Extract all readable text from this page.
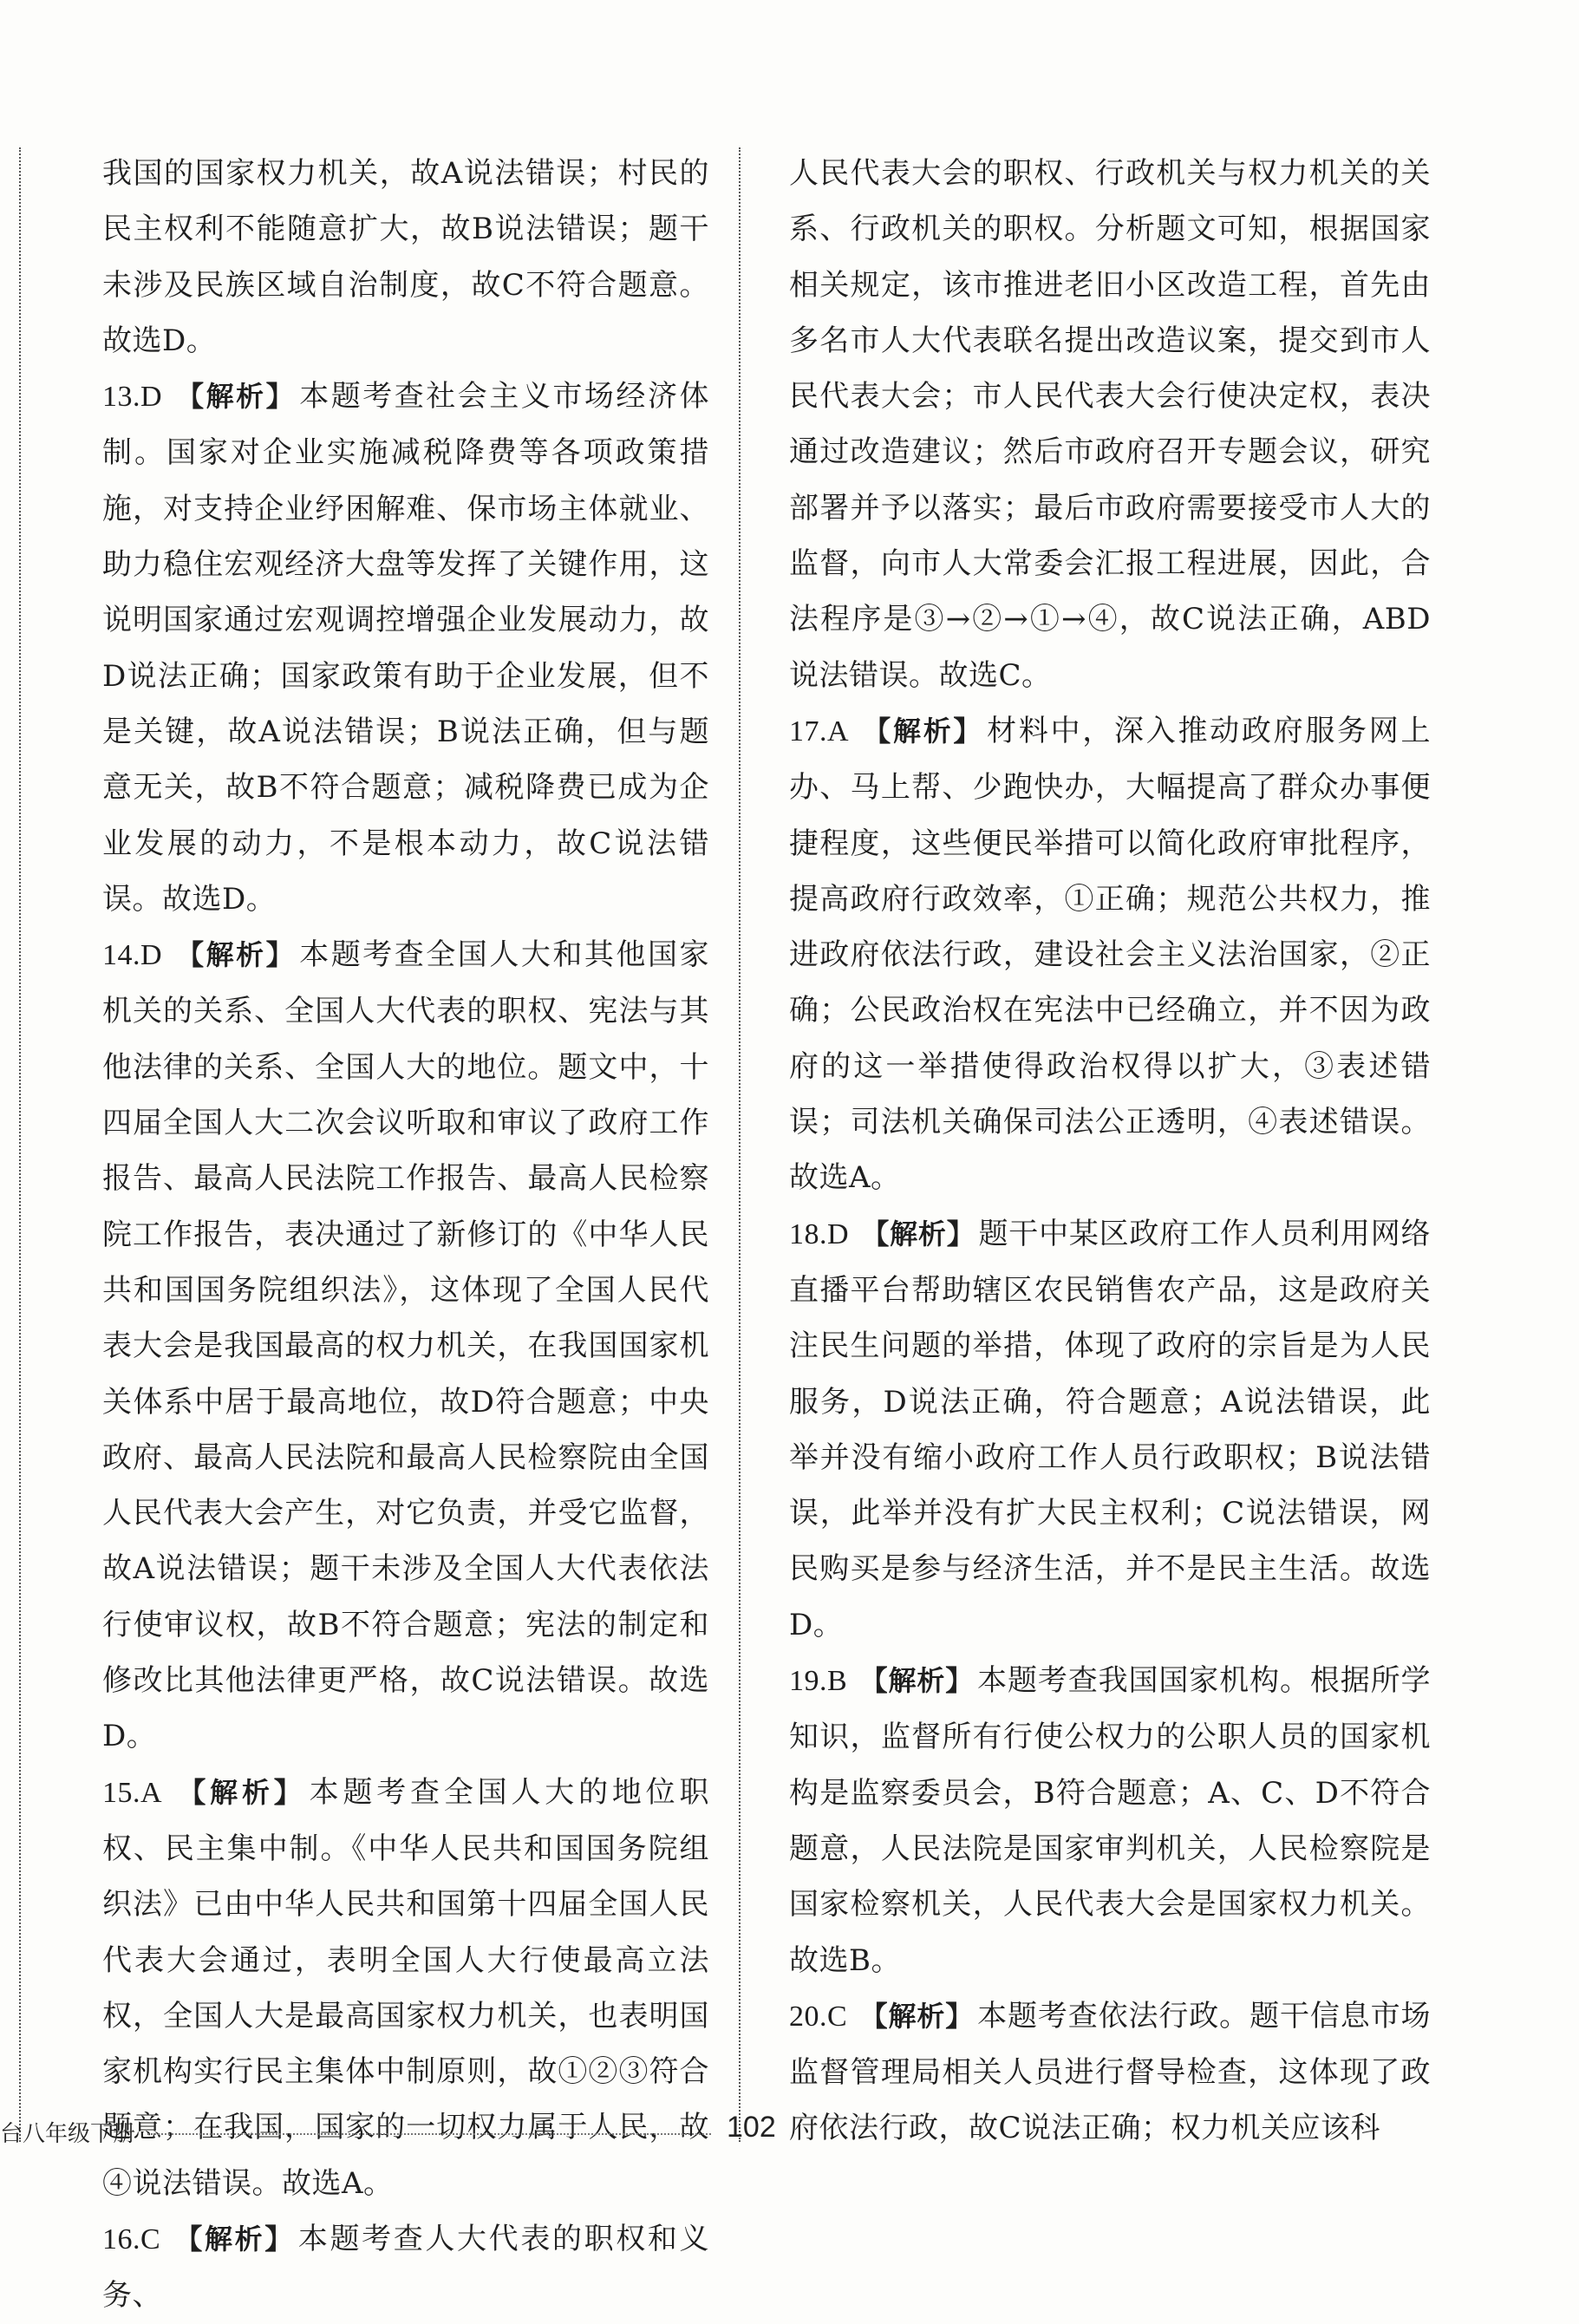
我国的国家权力机关，故A说法错误；村民的民主权利不能随意扩大，故B说法错误；题干未涉及民族区域自治制度，故C不符合题意。故选D。

13.D 【解析】 本题考查社会主义市场经济体制。国家对企业实施减税降费等各项政策措施，对支持企业纾困解难、保市场主体就业、助力稳住宏观经济大盘等发挥了关键作用，这说明国家通过宏观调控增强企业发展动力，故D说法正确；国家政策有助于企业发展，但不是关键，故A说法错误；B说法正确，但与题意无关，故B不符合题意；减税降费已成为企业发展的动力，不是根本动力，故C说法错误。故选D。

14.D 【解析】 本题考查全国人大和其他国家机关的关系、全国人大代表的职权、宪法与其他法律的关系、全国人大的地位。题文中，十四届全国人大二次会议听取和审议了政府工作报告、最高人民法院工作报告、最高人民检察院工作报告，表决通过了新修订的《中华人民共和国国务院组织法》，这体现了全国人民代表大会是我国最高的权力机关，在我国国家机关体系中居于最高地位，故D符合题意；中央政府、最高人民法院和最高人民检察院由全国人民代表大会产生，对它负责，并受它监督，故A说法错误；题干未涉及全国人大代表依法行使审议权，故B不符合题意；宪法的制定和修改比其他法律更严格，故C说法错误。故选D。

15.A 【解析】 本题考查全国人大的地位职权、民主集中制。《中华人民共和国国务院组织法》已由中华人民共和国第十四届全国人民代表大会通过，表明全国人大行使最高立法权，全国人大是最高国家权力机关，也表明国家机构实行民主集体中制原则，故①②③符合题意；在我国，国家的一切权力属于人民，故④说法错误。故选A。

16.C 【解析】 本题考查人大代表的职权和义务、

人民代表大会的职权、行政机关与权力机关的关系、行政机关的职权。分析题文可知，根据国家相关规定，该市推进老旧小区改造工程，首先由多名市人大代表联名提出改造议案，提交到市人民代表大会；市人民代表大会行使决定权，表决通过改造建议；然后市政府召开专题会议，研究部署并予以落实；最后市政府需要接受市人大的监督，向市人大常委会汇报工程进展，因此，合法程序是③→②→①→④，故C说法正确，ABD说法错误。故选C。

17.A 【解析】 材料中，深入推动政府服务网上办、马上帮、少跑快办，大幅提高了群众办事便捷程度，这些便民举措可以简化政府审批程序，提高政府行政效率，①正确；规范公共权力，推进政府依法行政，建设社会主义法治国家，②正确；公民政治权在宪法中已经确立，并不因为政府的这一举措使得政治权得以扩大，③表述错误；司法机关确保司法公正透明，④表述错误。故选A。

18.D 【解析】 题干中某区政府工作人员利用网络直播平台帮助辖区农民销售农产品，这是政府关注民生问题的举措，体现了政府的宗旨是为人民服务，D说法正确，符合题意；A说法错误，此举并没有缩小政府工作人员行政职权；B说法错误，此举并没有扩大民主权利；C说法错误，网民购买是参与经济生活，并不是民主生活。故选D。

19.B 【解析】 本题考查我国国家机构。根据所学知识，监督所有行使公权力的公职人员的国家机构是监察委员会，B符合题意；A、C、D不符合题意，人民法院是国家审判机关，人民检察院是国家检察机关，人民代表大会是国家权力机关。故选B。

20.C 【解析】 本题考查依法行政。题干信息市场监督管理局相关人员进行督导检查，这体现了政府依法行政，故C说法正确；权力机关应该科

台八年级下册	102
